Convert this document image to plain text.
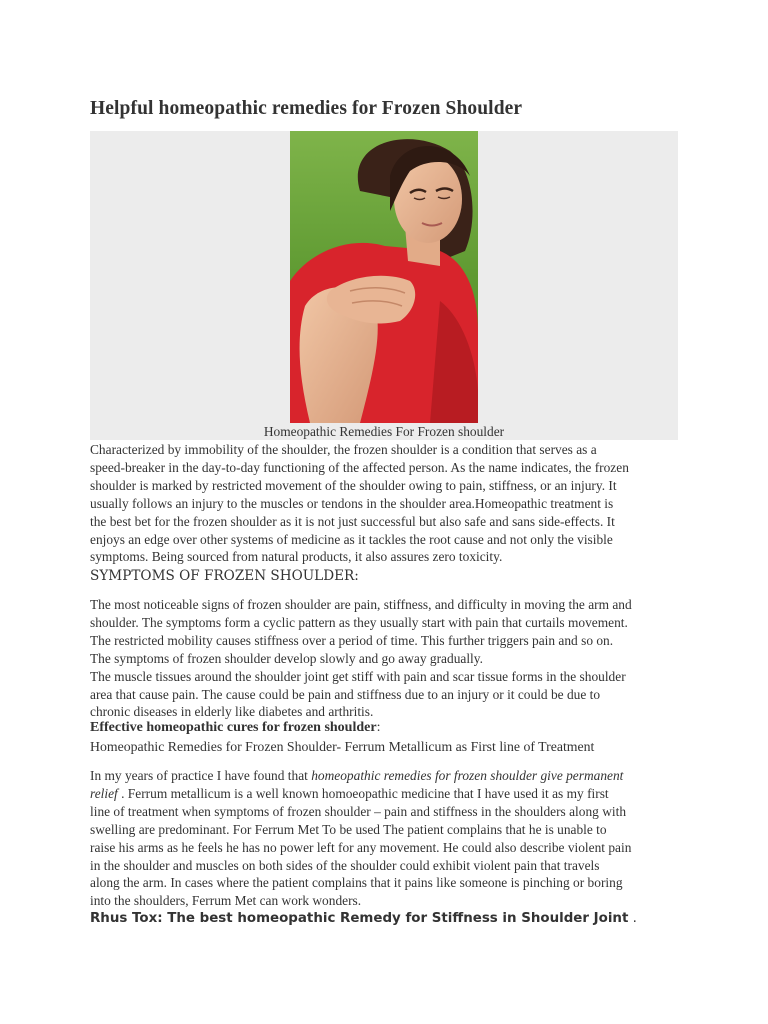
Helpful homeopathic remedies for Frozen Shoulder
Homeopathic Remedies For Frozen shoulder
Characterized by immobility of the shoulder, the frozen shoulder is a condition that serves as a
speed-breaker in the day-to-day functioning of the affected person. As the name indicates, the frozen
shoulder is marked by restricted movement of the shoulder owing to pain, stiffness, or an injury. It
usually follows an injury to the muscles or tendons in the shoulder area.Homeopathic treatment is
the best bet for the frozen shoulder as it is not just successful but also safe and sans side-effects. It
enjoys an edge over other systems of medicine as it tackles the root cause and not only the visible
symptoms. Being sourced from natural products, it also assures zero toxicity.
SYMPTOMS OF FROZEN SHOULDER:
The most noticeable signs of frozen shoulder are pain, stiffness, and difficulty in moving the arm and
shoulder. The symptoms form a cyclic pattern as they usually start with pain that curtails movement.
The restricted mobility causes stiffness over a period of time. This further triggers pain and so on.
The symptoms of frozen shoulder develop slowly and go away gradually.
The muscle tissues around the shoulder joint get stiff with pain and scar tissue forms in the shoulder
area that cause pain. The cause could be pain and stiffness due to an injury or it could be due to
chronic diseases in elderly like diabetes and arthritis.
Effective homeopathic cures for frozen shoulder:
Homeopathic Remedies for Frozen Shoulder- Ferrum Metallicum as First line of Treatment
In my years of practice I have found that homeopathic remedies for frozen shoulder give permanent
relief . Ferrum metallicum is a well known homoeopathic medicine that I have used it as my first
line of treatment when symptoms of frozen shoulder – pain and stiffness in the shoulders along with
swelling are predominant. For Ferrum Met To be used The patient complains that he is unable to
raise his arms as he feels he has no power left for any movement. He could also describe violent pain
in the shoulder and muscles on both sides of the shoulder could exhibit violent pain that travels
along the arm. In cases where the patient complains that it pains like someone is pinching or boring
into the shoulders, Ferrum Met can work wonders.
Rhus Tox: The best homeopathic Remedy for Stiffness in Shoulder Joint .
